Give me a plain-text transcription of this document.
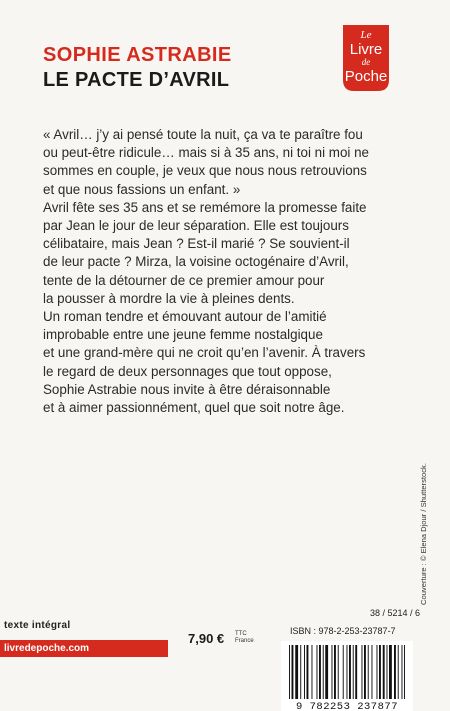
SOPHIE ASTRABIE
LE PACTE D’AVRIL
Le
Livre
de
Poche

« Avril… j’y ai pensé toute la nuit, ça va te paraître fou

ou peut-être ridicule… mais si à 35 ans, ni toi ni moi ne

sommes en couple, je veux que nous nous retrouvions

et que nous fassions un enfant. »

Avril fête ses 35 ans et se remémore la promesse faite

par Jean le jour de leur séparation. Elle est toujours

célibataire, mais Jean ? Est-il marié ? Se souvient-il

de leur pacte ? Mirza, la voisine octogénaire d’Avril,

tente de la détourner de ce premier amour pour

la pousser à mordre la vie à pleines dents.

Un roman tendre et émouvant autour de l’amitié

improbable entre une jeune femme nostalgique

et une grand-mère qui ne croit qu’en l’avenir. À travers

le regard de deux personnages que tout oppose,

Sophie Astrabie nous invite à être déraisonnable

et à aimer passionnément, quel que soit notre âge.

Couverture : © Elena Djour / Shutterstock.
texte intégral
livredepoche.com
7,90 € TTC
France
38 / 5214 / 6
ISBN : 978-2-253-23787-7
9 782253 237877
